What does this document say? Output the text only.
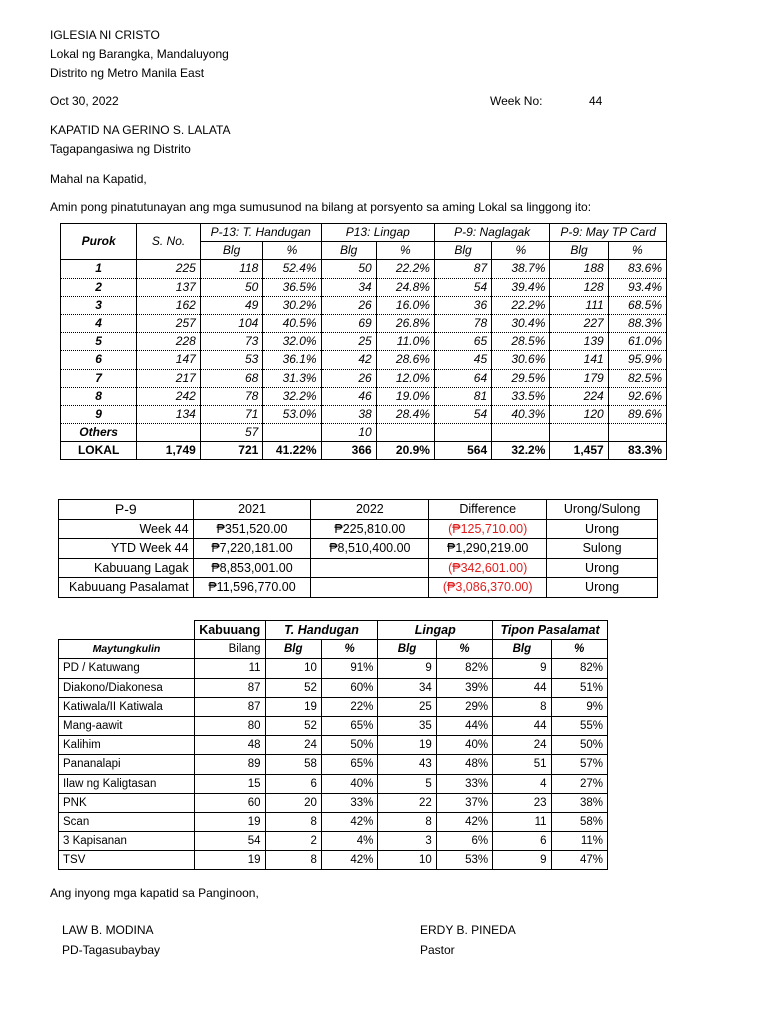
IGLESIA NI CRISTO
Lokal ng Barangka, Mandaluyong
Distrito ng Metro Manila East
Oct 30, 2022	Week No:	44
KAPATID NA GERINO S. LALATA
Tagapangasiwa ng Distrito
Mahal na Kapatid,
Amin pong pinatutunayan ang mga sumusunod na bilang at porsyento sa aming Lokal sa linggong ito:
Purok	S. No.	P-13: T. Handugan		P13: Lingap		P-9: Naglagak		P-9: May TP Card	
		Blg	%	Blg	%	Blg	%	Blg	%
1	225	118	52.4%	50	22.2%	87	38.7%	188	83.6%
2	137	50	36.5%	34	24.8%	54	39.4%	128	93.4%
3	162	49	30.2%	26	16.0%	36	22.2%	111	68.5%
4	257	104	40.5%	69	26.8%	78	30.4%	227	88.3%
5	228	73	32.0%	25	11.0%	65	28.5%	139	61.0%
6	147	53	36.1%	42	28.6%	45	30.6%	141	95.9%
7	217	68	31.3%	26	12.0%	64	29.5%	179	82.5%
8	242	78	32.2%	46	19.0%	81	33.5%	224	92.6%
9	134	71	53.0%	38	28.4%	54	40.3%	120	89.6%
Others		57		10					
LOKAL	1,749	721	41.22%	366	20.9%	564	32.2%	1,457	83.3%
P-9	2021	2022	Difference	Urong/Sulong
Week 44	₱351,520.00	₱225,810.00	(₱125,710.00)	Urong
YTD Week 44	₱7,220,181.00	₱8,510,400.00	₱1,290,219.00	Sulong
Kabuuang Lagak	₱8,853,001.00		(₱342,601.00)	Urong
Kabuuang Pasalamat	₱11,596,770.00		(₱3,086,370.00)	Urong
	Kabuuang	T. Handugan		Lingap		Tipon Pasalamat	
Maytungkulin	Bilang	Blg	%	Blg	%	Blg	%
PD / Katuwang	11	10	91%	9	82%	9	82%
Diakono/Diakonesa	87	52	60%	34	39%	44	51%
Katiwala/II Katiwala	87	19	22%	25	29%	8	9%
Mang-aawit	80	52	65%	35	44%	44	55%
Kalihim	48	24	50%	19	40%	24	50%
Pananalapi	89	58	65%	43	48%	51	57%
Ilaw ng Kaligtasan	15	6	40%	5	33%	4	27%
PNK	60	20	33%	22	37%	23	38%
Scan	19	8	42%	8	42%	11	58%
3 Kapisanan	54	2	4%	3	6%	6	11%
TSV	19	8	42%	10	53%	9	47%
Ang inyong mga kapatid sa Panginoon,
LAW B. MODINA
PD-Tagasubaybay
ERDY B. PINEDA
Pastor
